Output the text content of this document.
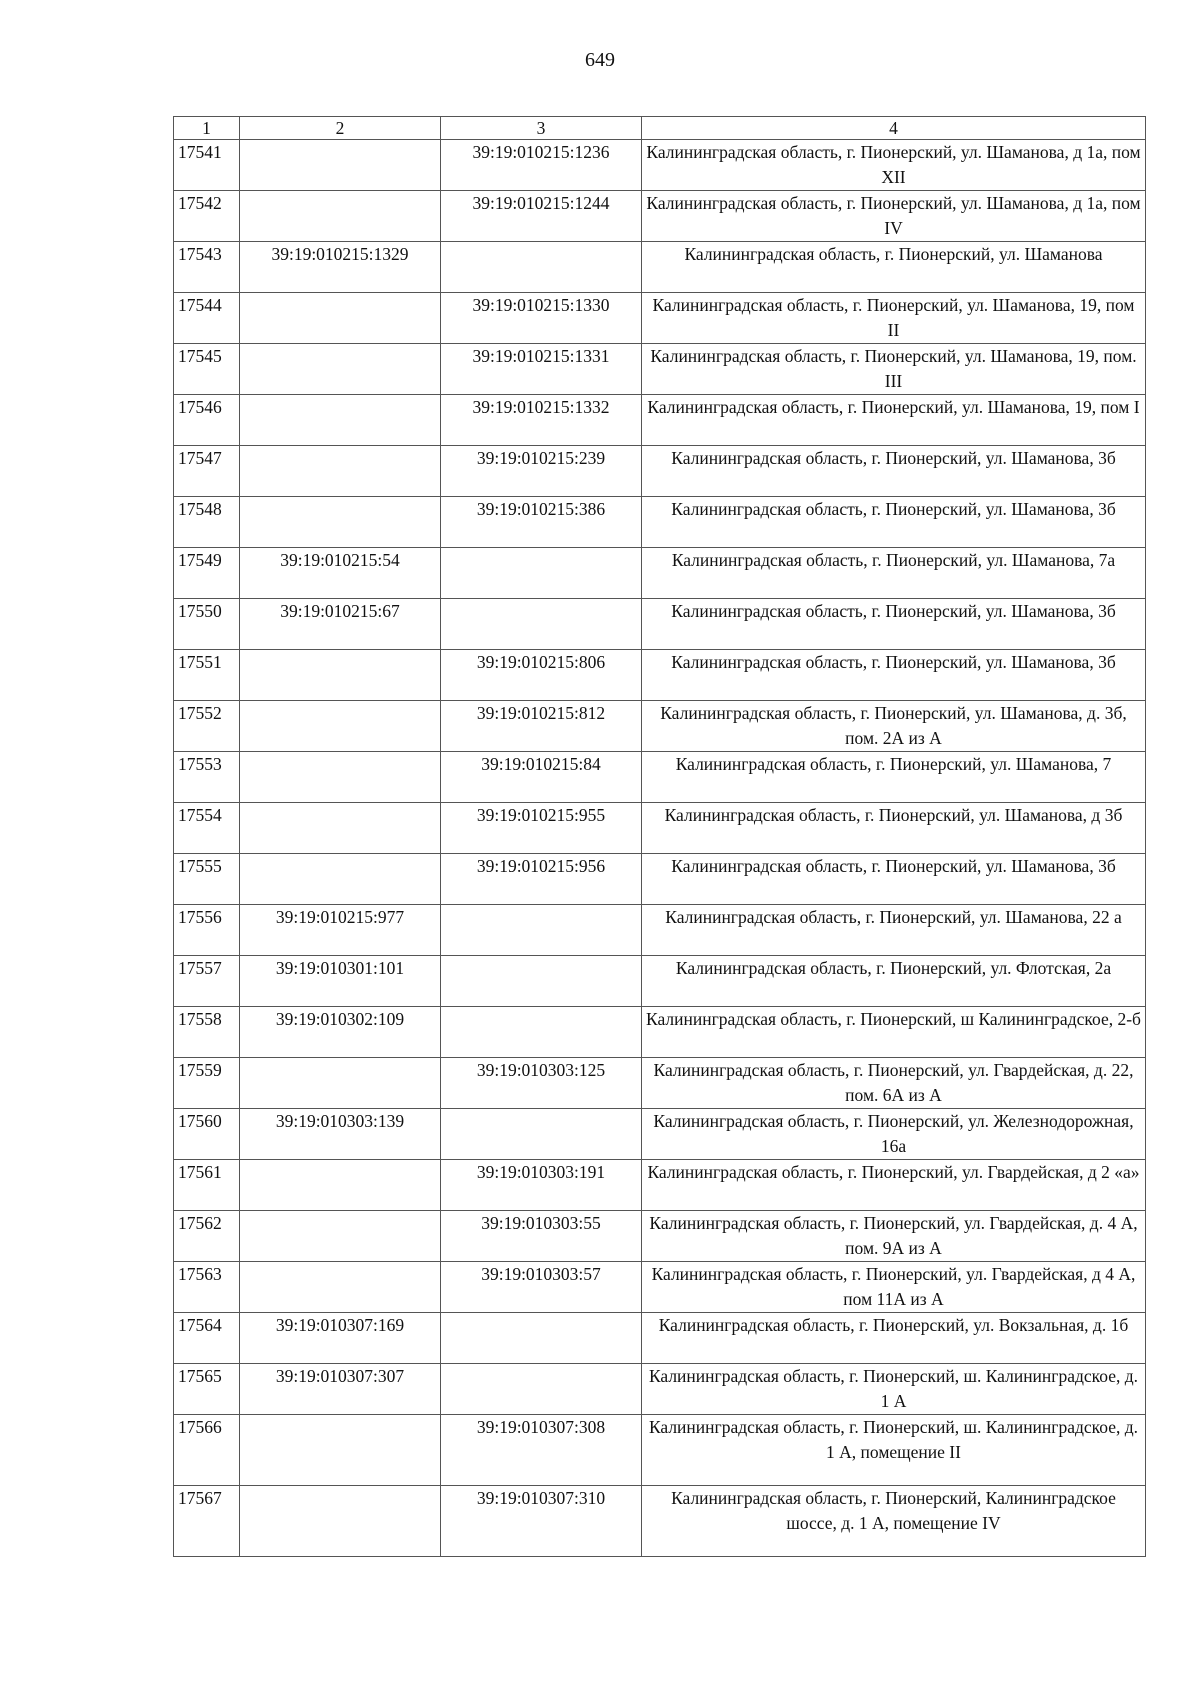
649
1	2	3	4
17541		39:19:010215:1236	Калининградская область, г. Пионерский, ул. Шаманова, д 1а, пом XII
17542		39:19:010215:1244	Калининградская область, г. Пионерский, ул. Шаманова, д 1а, пом IV
17543	39:19:010215:1329		Калининградская область, г. Пионерский, ул. Шаманова
17544		39:19:010215:1330	Калининградская область, г. Пионерский, ул. Шаманова, 19, пом II
17545		39:19:010215:1331	Калининградская область, г. Пионерский, ул. Шаманова, 19, пом. III
17546		39:19:010215:1332	Калининградская область, г. Пионерский, ул. Шаманова, 19, пом I
17547		39:19:010215:239	Калининградская область, г. Пионерский, ул. Шаманова, 3б
17548		39:19:010215:386	Калининградская область, г. Пионерский, ул. Шаманова, 3б
17549	39:19:010215:54		Калининградская область, г. Пионерский, ул. Шаманова, 7а
17550	39:19:010215:67		Калининградская область, г. Пионерский, ул. Шаманова, 3б
17551		39:19:010215:806	Калининградская область, г. Пионерский, ул. Шаманова, 3б
17552		39:19:010215:812	Калининградская область, г. Пионерский, ул. Шаманова, д. 3б, пом. 2А из А
17553		39:19:010215:84	Калининградская область, г. Пионерский, ул. Шаманова, 7
17554		39:19:010215:955	Калининградская область, г. Пионерский, ул. Шаманова, д 3б
17555		39:19:010215:956	Калининградская область, г. Пионерский, ул. Шаманова, 3б
17556	39:19:010215:977		Калининградская область, г. Пионерский, ул. Шаманова, 22 а
17557	39:19:010301:101		Калининградская область, г. Пионерский, ул. Флотская, 2а
17558	39:19:010302:109		Калининградская область, г. Пионерский, ш Калининградское, 2-б
17559		39:19:010303:125	Калининградская область, г. Пионерский, ул. Гвардейская, д. 22, пом. 6А из А
17560	39:19:010303:139		Калининградская область, г. Пионерский, ул. Железнодорожная, 16а
17561		39:19:010303:191	Калининградская область, г. Пионерский, ул. Гвардейская, д 2 «а»
17562		39:19:010303:55	Калининградская область, г. Пионерский, ул. Гвардейская, д. 4 А, пом. 9А из А
17563		39:19:010303:57	Калининградская область, г. Пионерский, ул. Гвардейская, д 4 А, пом 11А из А
17564	39:19:010307:169		Калининградская область, г. Пионерский, ул. Вокзальная, д. 1б
17565	39:19:010307:307		Калининградская область, г. Пионерский, ш. Калининградское, д. 1 А
17566		39:19:010307:308	Калининградская область, г. Пионерский, ш. Калининградское, д. 1 А, помещение II
17567		39:19:010307:310	Калининградская область, г. Пионерский, Калининградское шоссе, д. 1 А, помещение IV
